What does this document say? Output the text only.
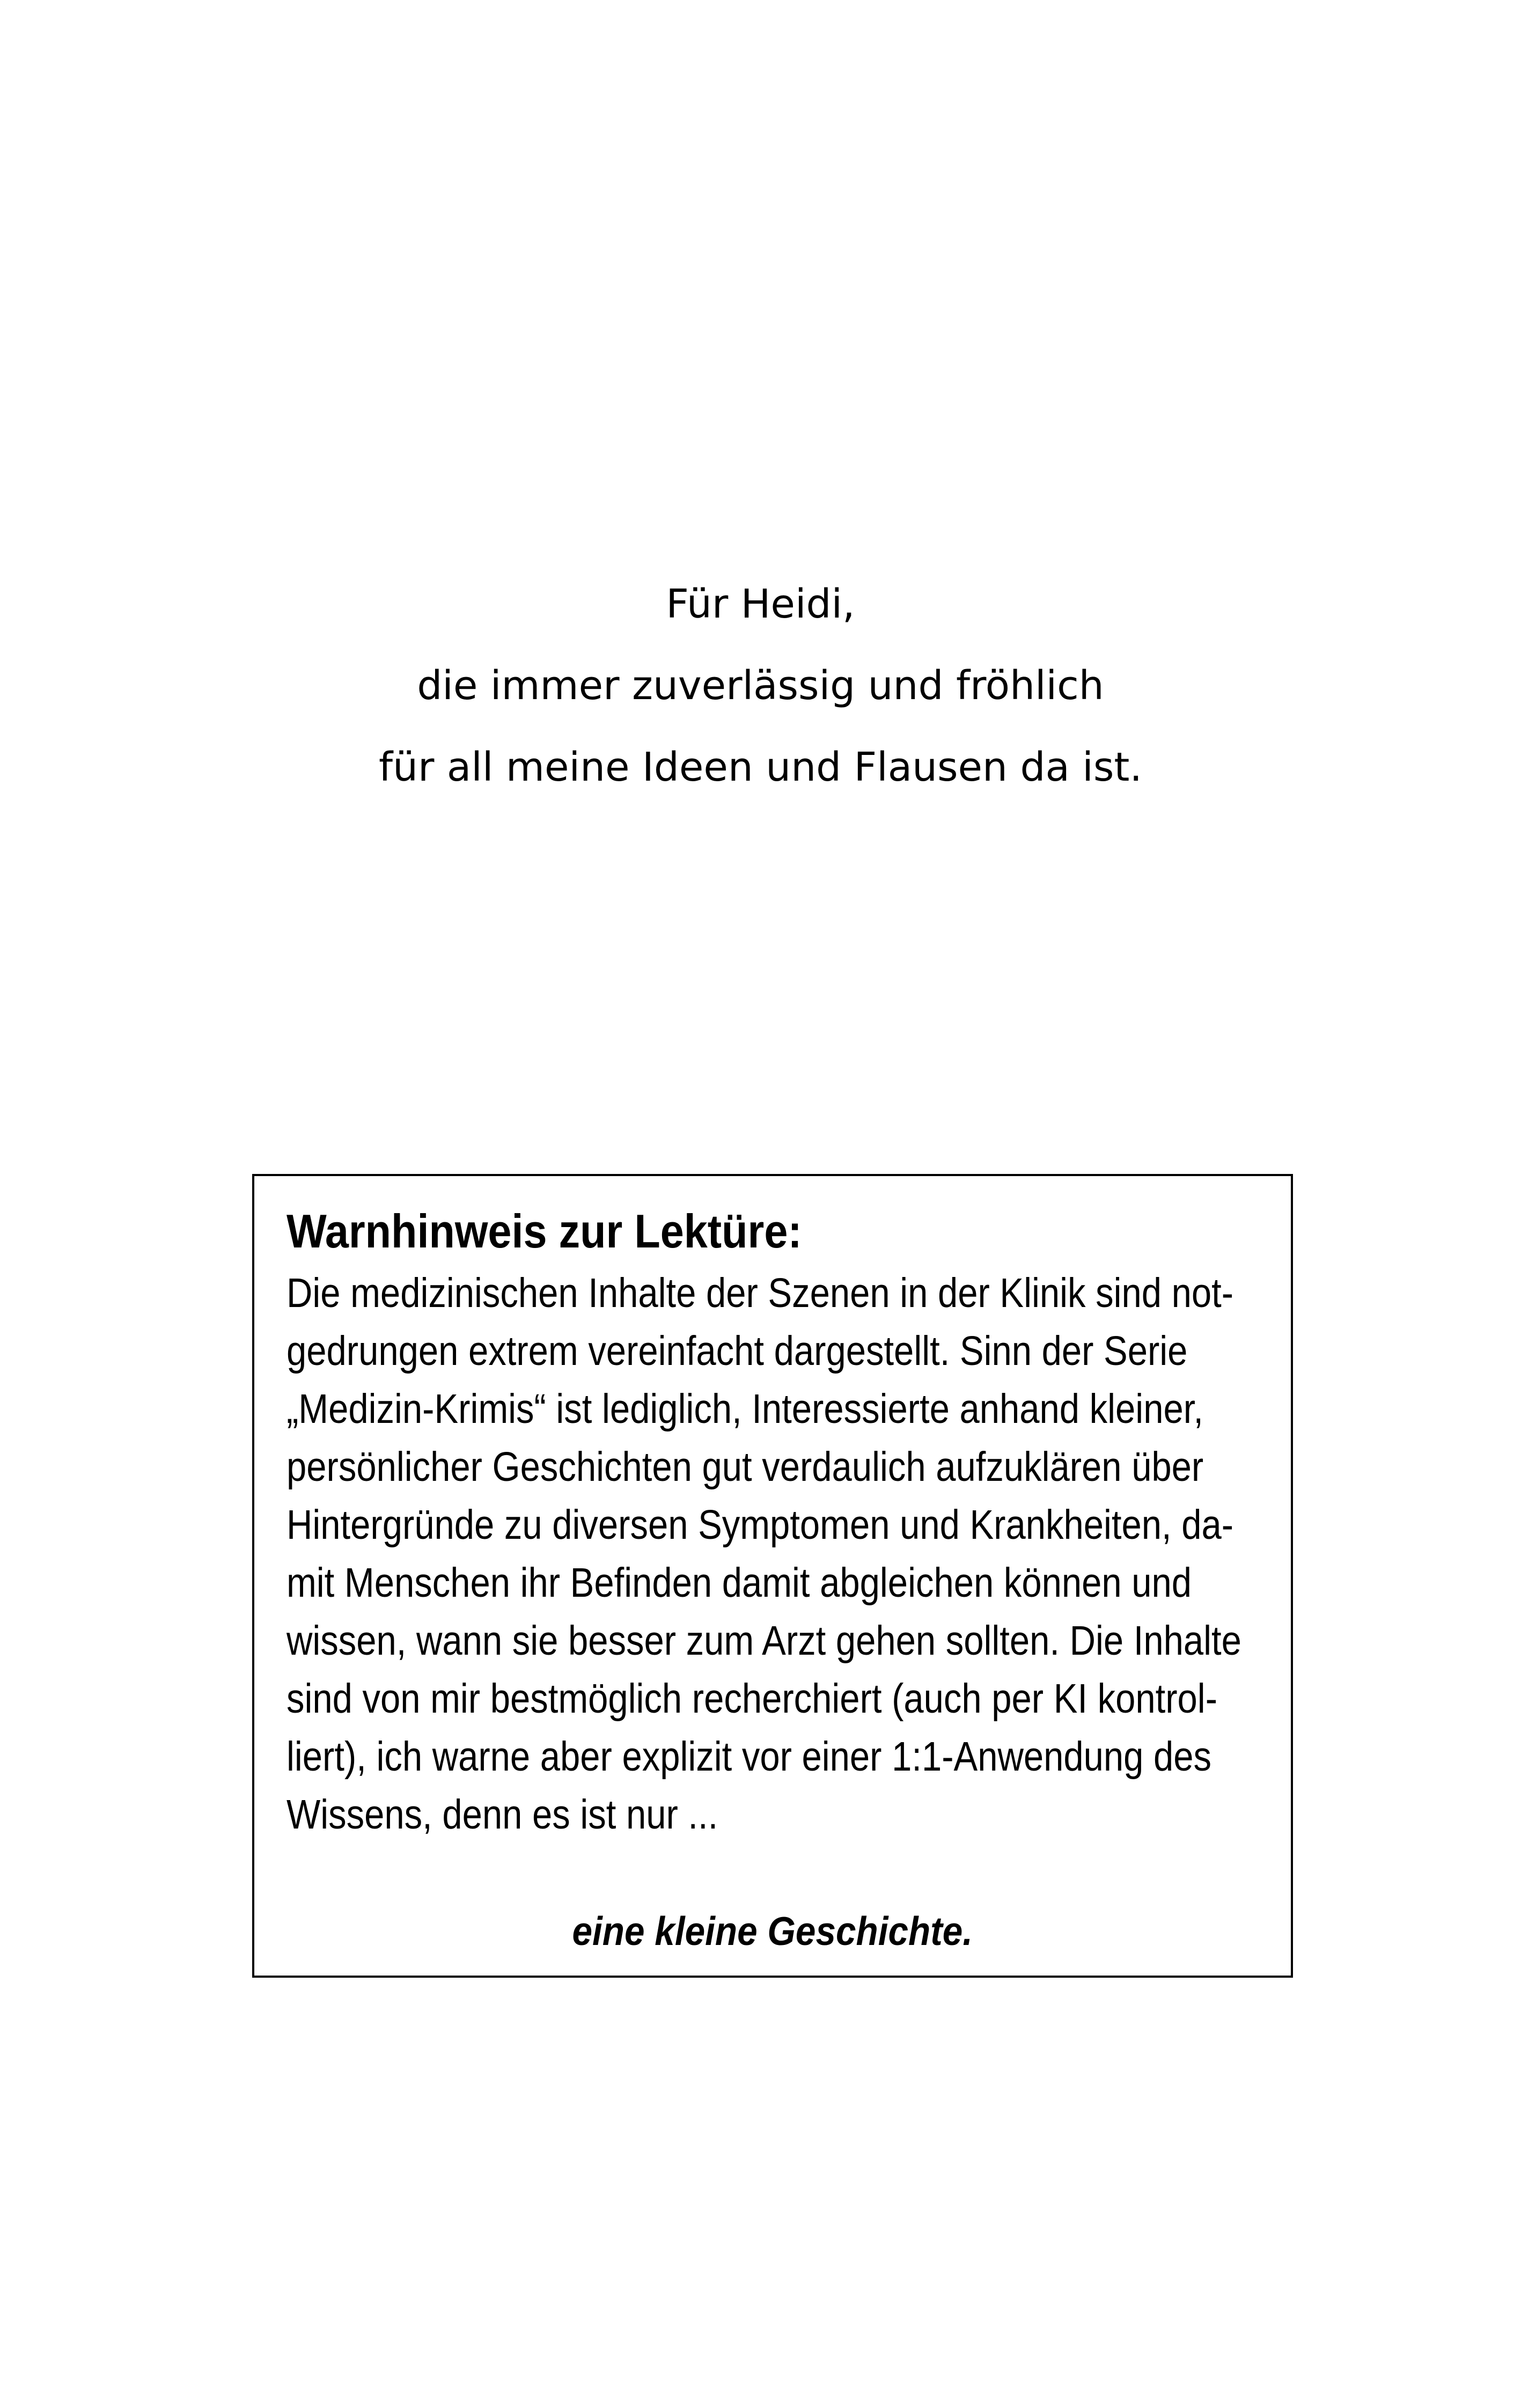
Für Heidi,
die immer zuverlässig und fröhlich
für all meine Ideen und Flausen da ist.
Warnhinweis zur Lektüre:
Die medizinischen Inhalte der Szenen in der Klinik sind not-
gedrungen extrem vereinfacht dargestellt. Sinn der Serie
„Medizin-Krimis“ ist lediglich, Interessierte anhand kleiner,
persönlicher Geschichten gut verdaulich aufzuklären über
Hintergründe zu diversen Symptomen und Krankheiten, da-
mit Menschen ihr Befinden damit abgleichen können und
wissen, wann sie besser zum Arzt gehen sollten. Die Inhalte
sind von mir bestmöglich recherchiert (auch per KI kontrol-
liert), ich warne aber explizit vor einer 1:1-Anwendung des
Wissens, denn es ist nur ...
eine kleine Geschichte.
